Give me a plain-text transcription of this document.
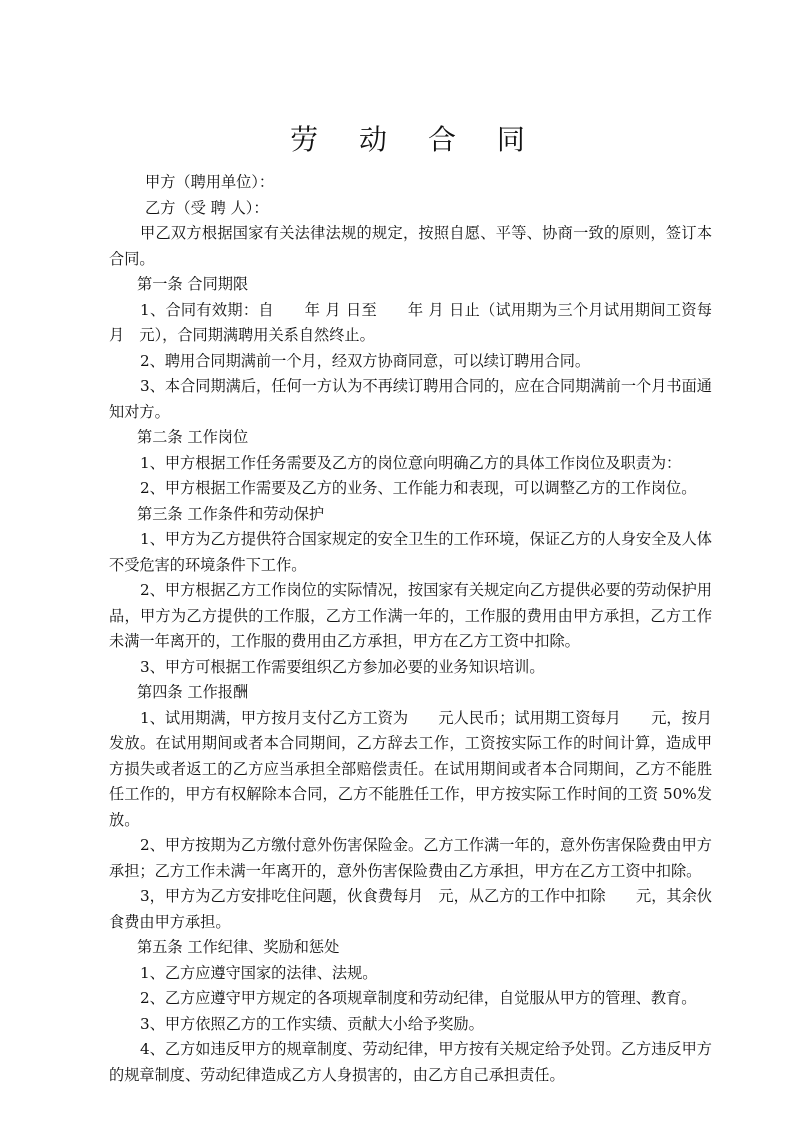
劳 动 合 同

甲方（聘用单位）：

乙方（受 聘 人）：

甲乙双方根据国家有关法律法规的规定，按照自愿、平等、协商一致的原则，签订本合同。

第一条 合同期限

1、合同有效期：自　　年 月 日至　　年 月 日止（试用期为三个月试用期间工资每月　元），合同期满聘用关系自然终止。

2、聘用合同期满前一个月，经双方协商同意，可以续订聘用合同。

3、本合同期满后，任何一方认为不再续订聘用合同的，应在合同期满前一个月书面通知对方。

第二条 工作岗位

1、甲方根据工作任务需要及乙方的岗位意向明确乙方的具体工作岗位及职责为：

2、甲方根据工作需要及乙方的业务、工作能力和表现，可以调整乙方的工作岗位。

第三条 工作条件和劳动保护

1、甲方为乙方提供符合国家规定的安全卫生的工作环境，保证乙方的人身安全及人体不受危害的环境条件下工作。

2、甲方根据乙方工作岗位的实际情况，按国家有关规定向乙方提供必要的劳动保护用品，甲方为乙方提供的工作服，乙方工作满一年的，工作服的费用由甲方承担，乙方工作未满一年离开的，工作服的费用由乙方承担，甲方在乙方工资中扣除。

3、甲方可根据工作需要组织乙方参加必要的业务知识培训。

第四条 工作报酬

1、试用期满，甲方按月支付乙方工资为　　元人民币；试用期工资每月　　元，按月发放。在试用期间或者本合同期间，乙方辞去工作，工资按实际工作的时间计算，造成甲方损失或者返工的乙方应当承担全部赔偿责任。在试用期间或者本合同期间，乙方不能胜任工作的，甲方有权解除本合同，乙方不能胜任工作，甲方按实际工作时间的工资 50%发放。

2、甲方按期为乙方缴付意外伤害保险金。乙方工作满一年的，意外伤害保险费由甲方承担；乙方工作未满一年离开的，意外伤害保险费由乙方承担，甲方在乙方工资中扣除。

3，甲方为乙方安排吃住问题，伙食费每月　元，从乙方的工作中扣除　　元，其余伙食费由甲方承担。

第五条 工作纪律、奖励和惩处

1、乙方应遵守国家的法律、法规。

2、乙方应遵守甲方规定的各项规章制度和劳动纪律，自觉服从甲方的管理、教育。

3、甲方依照乙方的工作实绩、贡献大小给予奖励。

4、乙方如违反甲方的规章制度、劳动纪律，甲方按有关规定给予处罚。乙方违反甲方的规章制度、劳动纪律造成乙方人身损害的，由乙方自己承担责任。
